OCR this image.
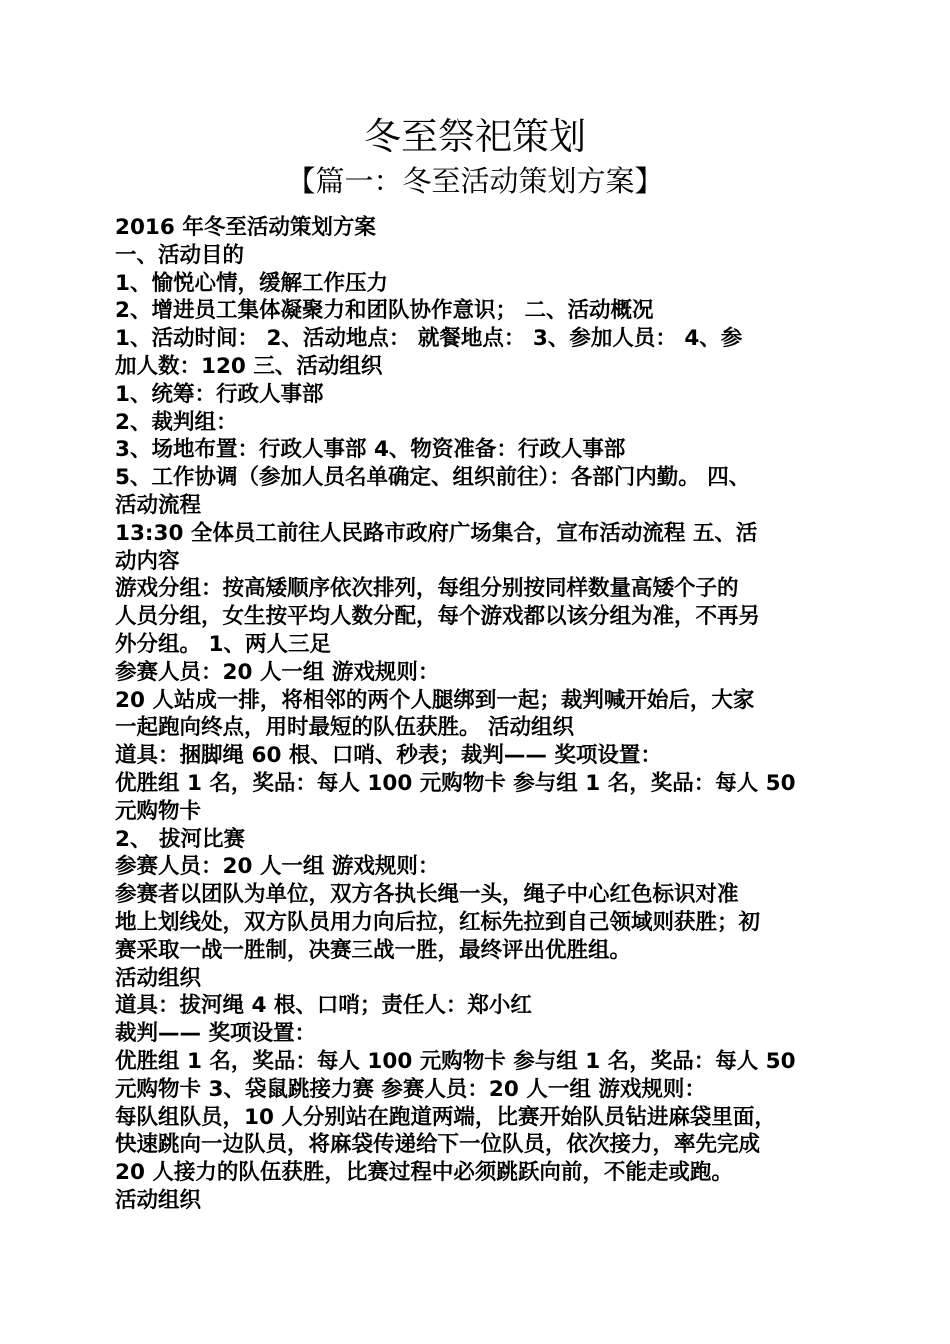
冬至祭祀策划
【篇一：冬至活动策划方案】
2016 年冬至活动策划方案
一、活动目的
1、愉悦心情，缓解工作压力
2、增进员工集体凝聚力和团队协作意识； 二、活动概况
1、活动时间： 2、活动地点： 就餐地点： 3、参加人员： 4、参
加人数：120 三、活动组织
1、统筹：行政人事部
2、裁判组：
3、场地布置：行政人事部 4、物资准备：行政人事部
5、工作协调（参加人员名单确定、组织前往）：各部门内勤。 四、
活动流程
13:30 全体员工前往人民路市政府广场集合，宣布活动流程 五、活
动内容
游戏分组：按高矮顺序依次排列，每组分别按同样数量高矮个子的
人员分组，女生按平均人数分配，每个游戏都以该分组为准，不再另
外分组。 1、两人三足
参赛人员：20 人一组 游戏规则：
20 人站成一排，将相邻的两个人腿绑到一起；裁判喊开始后，大家
一起跑向终点，用时最短的队伍获胜。 活动组织
道具：捆脚绳 60 根、口哨、秒表；裁判—— 奖项设置：
优胜组 1 名，奖品：每人 100 元购物卡 参与组 1 名，奖品：每人 50
元购物卡
2、 拔河比赛
参赛人员：20 人一组 游戏规则：
参赛者以团队为单位，双方各执长绳一头，绳子中心红色标识对准
地上划线处，双方队员用力向后拉，红标先拉到自己领域则获胜；初
赛采取一战一胜制，决赛三战一胜，最终评出优胜组。
活动组织
道具：拔河绳 4 根、口哨；责任人：郑小红
裁判—— 奖项设置：
优胜组 1 名，奖品：每人 100 元购物卡 参与组 1 名，奖品：每人 50
元购物卡 3、袋鼠跳接力赛 参赛人员：20 人一组 游戏规则：
每队组队员，10 人分别站在跑道两端，比赛开始队员钻进麻袋里面，
快速跳向一边队员，将麻袋传递给下一位队员，依次接力，率先完成
20 人接力的队伍获胜，比赛过程中必须跳跃向前，不能走或跑。
活动组织
